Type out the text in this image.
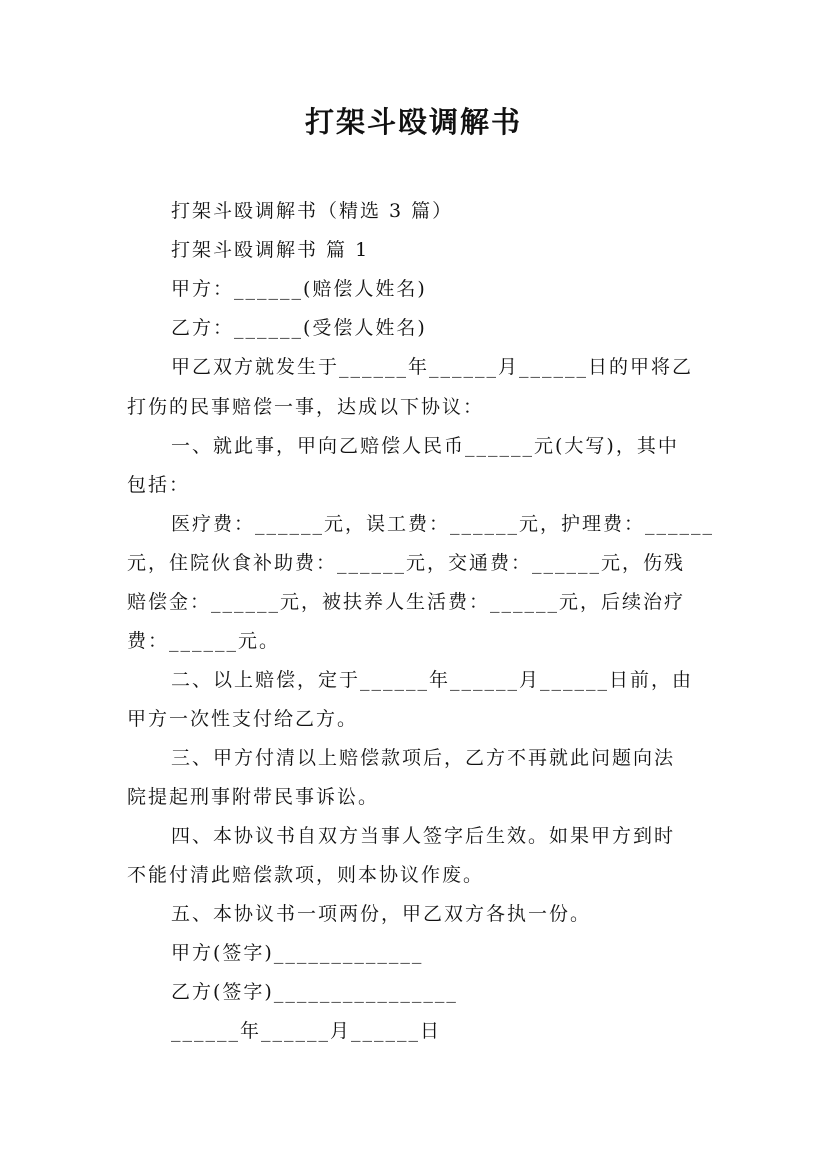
打架斗殴调解书
打架斗殴调解书（精选 3 篇）
打架斗殴调解书 篇 1
甲方：______(赔偿人姓名)
乙方：______(受偿人姓名)
甲乙双方就发生于______年______月______日的甲将乙
打伤的民事赔偿一事，达成以下协议：
一、就此事，甲向乙赔偿人民币______元(大写)，其中
包括：
医疗费：______元，误工费：______元，护理费：______
元，住院伙食补助费：______元，交通费：______元，伤残
赔偿金：______元，被扶养人生活费：______元，后续治疗
费：______元。
二、以上赔偿，定于______年______月______日前，由
甲方一次性支付给乙方。
三、甲方付清以上赔偿款项后，乙方不再就此问题向法
院提起刑事附带民事诉讼。
四、本协议书自双方当事人签字后生效。如果甲方到时
不能付清此赔偿款项，则本协议作废。
五、本协议书一项两份，甲乙双方各执一份。
甲方(签字)_____________
乙方(签字)________________
______年______月______日
